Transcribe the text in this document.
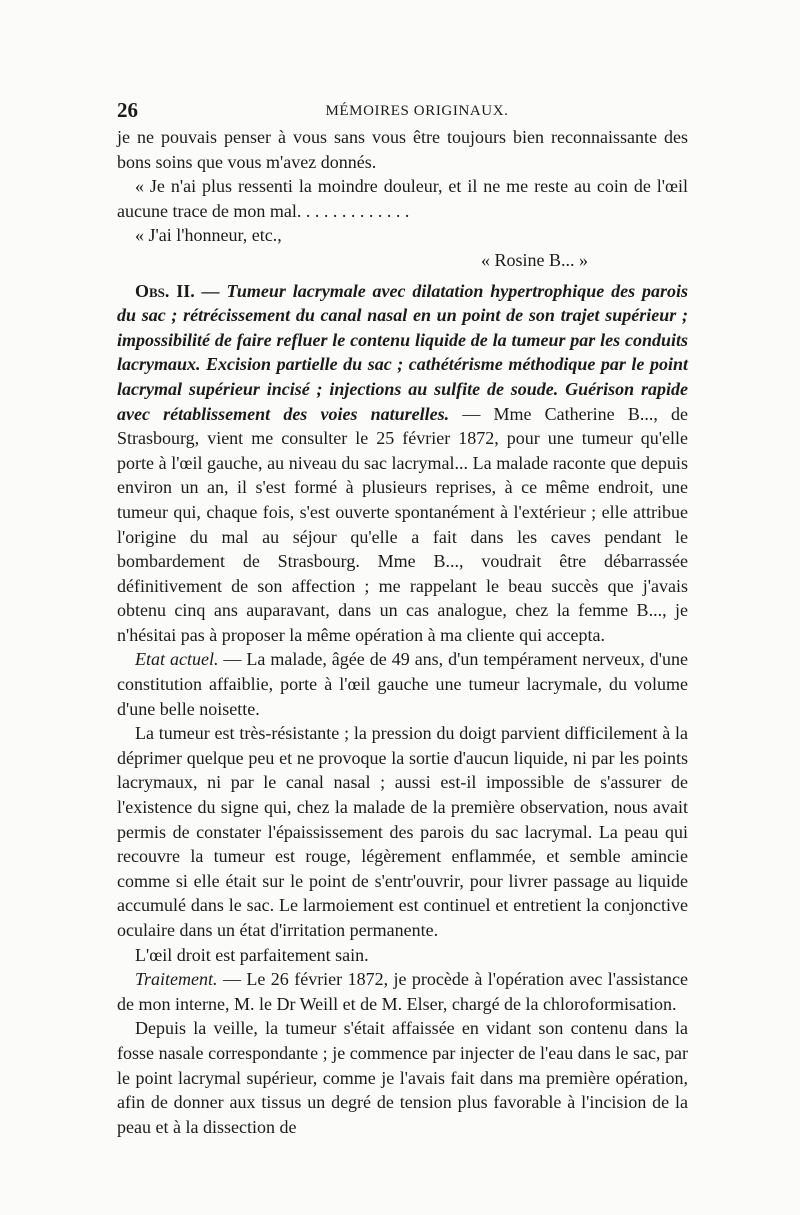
26	MÉMOIRES ORIGINAUX.

je ne pouvais penser à vous sans vous être toujours bien reconnaissante des bons soins que vous m'avez donnés.

« Je n'ai plus ressenti la moindre douleur, et il ne me reste au coin de l'œil aucune trace de mon mal. . . . . . . . . . . . .

« J'ai l'honneur, etc.,

« Rosine B... »

Obs. II. — Tumeur lacrymale avec dilatation hypertrophique des parois du sac ; rétrécissement du canal nasal en un point de son trajet supérieur ; impossibilité de faire refluer le contenu liquide de la tumeur par les conduits lacrymaux. Excision partielle du sac ; cathétérisme méthodique par le point lacrymal supérieur incisé ; injections au sulfite de soude. Guérison rapide avec rétablissement des voies naturelles. — Mme Catherine B..., de Strasbourg, vient me consulter le 25 février 1872, pour une tumeur qu'elle porte à l'œil gauche, au niveau du sac lacrymal... La malade raconte que depuis environ un an, il s'est formé à plusieurs reprises, à ce même endroit, une tumeur qui, chaque fois, s'est ouverte spontanément à l'extérieur ; elle attribue l'origine du mal au séjour qu'elle a fait dans les caves pendant le bombardement de Strasbourg. Mme B..., voudrait être débarrassée définitivement de son affection ; me rappelant le beau succès que j'avais obtenu cinq ans auparavant, dans un cas analogue, chez la femme B..., je n'hésitai pas à proposer la même opération à ma cliente qui accepta.

Etat actuel. — La malade, âgée de 49 ans, d'un tempérament nerveux, d'une constitution affaiblie, porte à l'œil gauche une tumeur lacrymale, du volume d'une belle noisette.

La tumeur est très-résistante ; la pression du doigt parvient difficilement à la déprimer quelque peu et ne provoque la sortie d'aucun liquide, ni par les points lacrymaux, ni par le canal nasal ; aussi est-il impossible de s'assurer de l'existence du signe qui, chez la malade de la première observation, nous avait permis de constater l'épaississement des parois du sac lacrymal. La peau qui recouvre la tumeur est rouge, légèrement enflammée, et semble amincie comme si elle était sur le point de s'entr'ouvrir, pour livrer passage au liquide accumulé dans le sac. Le larmoiement est continuel et entretient la conjonctive oculaire dans un état d'irritation permanente.

L'œil droit est parfaitement sain.

Traitement. — Le 26 février 1872, je procède à l'opération avec l'assistance de mon interne, M. le Dr Weill et de M. Elser, chargé de la chloroformisation.

Depuis la veille, la tumeur s'était affaissée en vidant son contenu dans la fosse nasale correspondante ; je commence par injecter de l'eau dans le sac, par le point lacrymal supérieur, comme je l'avais fait dans ma première opération, afin de donner aux tissus un degré de tension plus favorable à l'incision de la peau et à la dissection de
